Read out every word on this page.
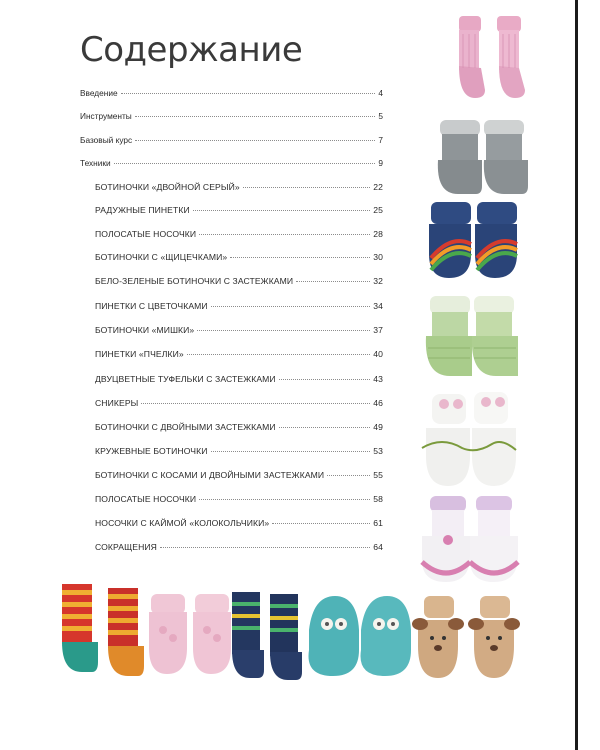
Содержание
Введение	4
Инструменты	5
Базовый курс	7
Техники	9
БОТИНОЧКИ «ДВОЙНОЙ СЕРЫЙ»	22
РАДУЖНЫЕ ПИНЕТКИ	25
ПОЛОСАТЫЕ НОСОЧКИ	28
БОТИНОЧКИ С «ЩИЦЕЧКАМИ»	30
БЕЛО-ЗЕЛЕНЫЕ БОТИНОЧКИ С ЗАСТЕЖКАМИ	32
ПИНЕТКИ С ЦВЕТОЧКАМИ	34
БОТИНОЧКИ «МИШКИ»	37
ПИНЕТКИ «ПЧЕЛКИ»	40
ДВУЦВЕТНЫЕ ТУФЕЛЬКИ С ЗАСТЕЖКАМИ	43
СНИКЕРЫ	46
БОТИНОЧКИ С ДВОЙНЫМИ ЗАСТЕЖКАМИ	49
КРУЖЕВНЫЕ БОТИНОЧКИ	53
БОТИНОЧКИ С КОСАМИ И ДВОЙНЫМИ ЗАСТЕЖКАМИ	55
ПОЛОСАТЫЕ НОСОЧКИ	58
НОСОЧКИ С КАЙМОЙ «КОЛОКОЛЬЧИКИ»	61
СОКРАЩЕНИЯ	64
